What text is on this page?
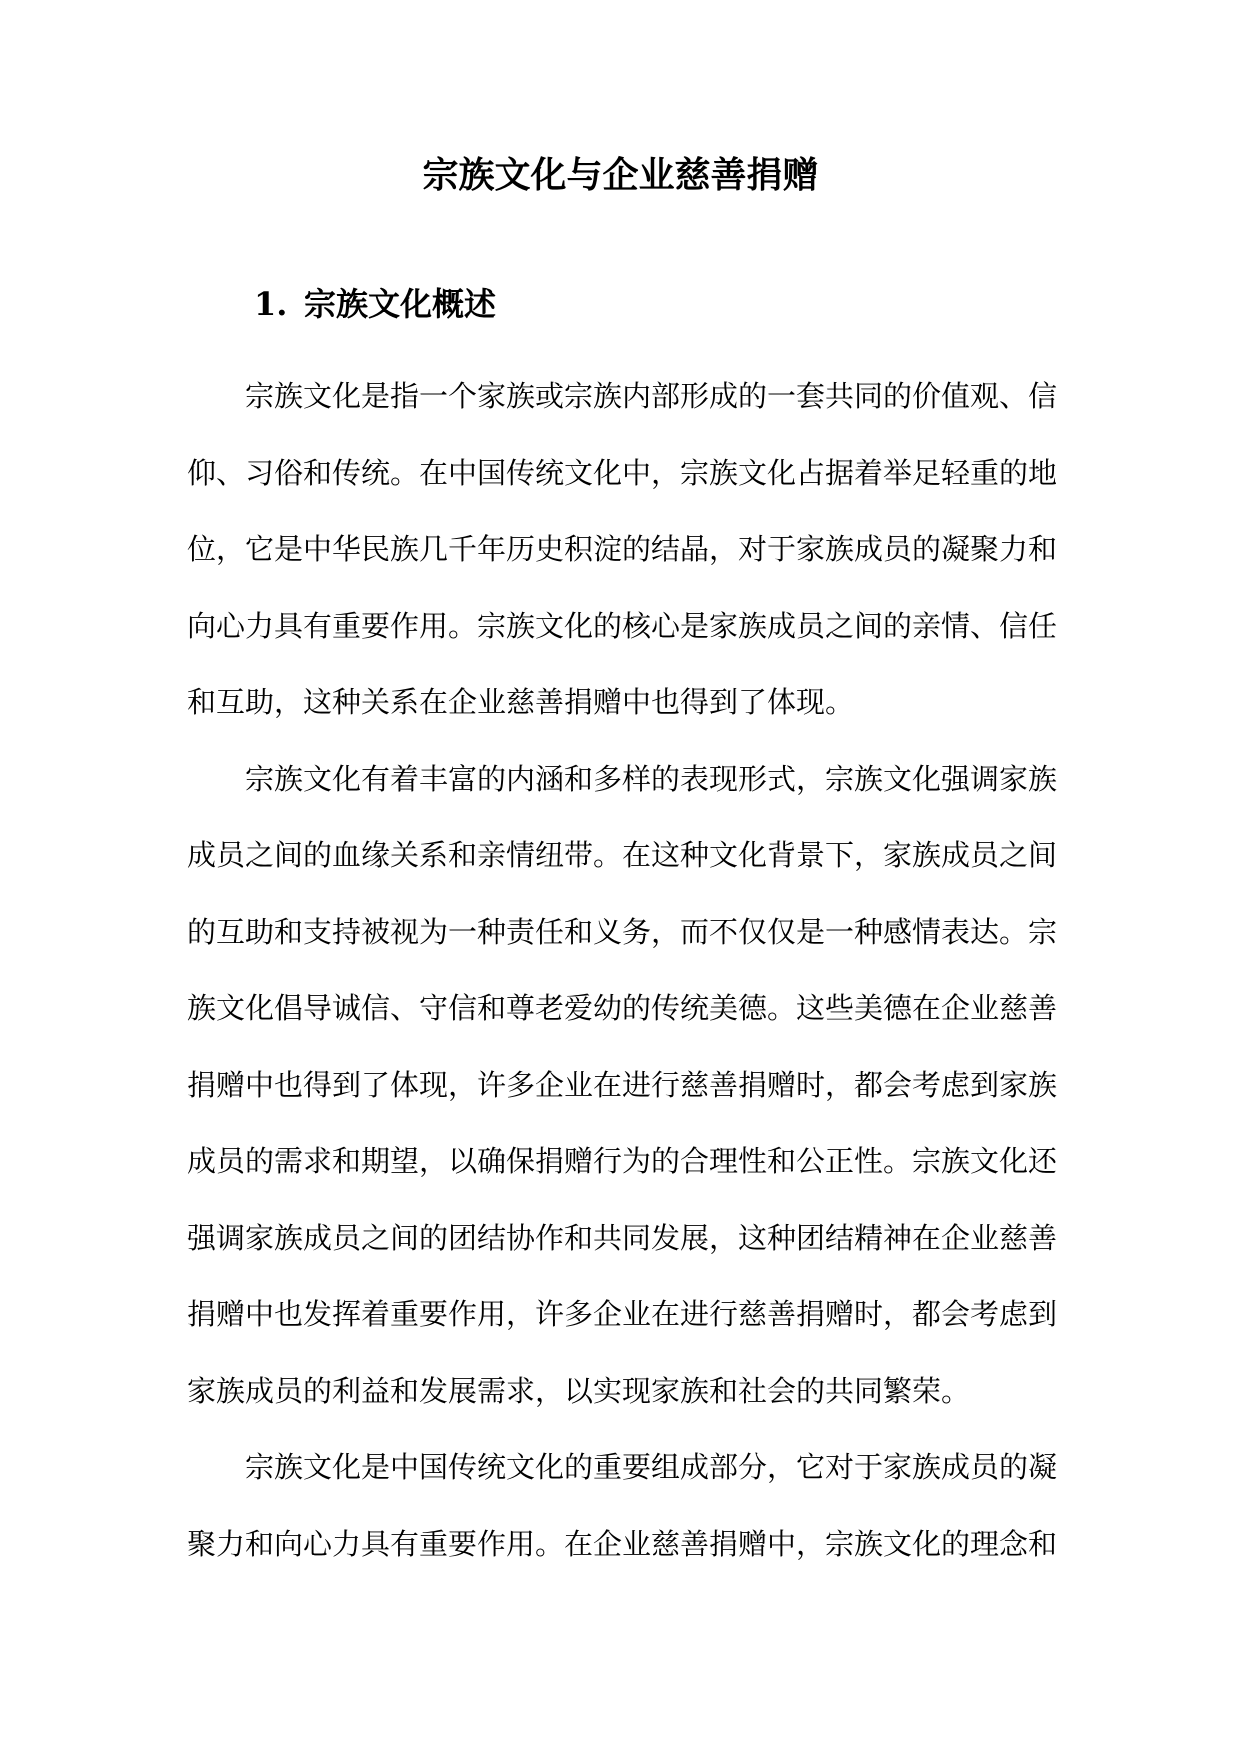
宗族文化与企业慈善捐赠
1. 宗族文化概述

宗族文化是指一个家族或宗族内部形成的一套共同的价值观、信仰、习俗和传统。在中国传统文化中，宗族文化占据着举足轻重的地位，它是中华民族几千年历史积淀的结晶，对于家族成员的凝聚力和向心力具有重要作用。宗族文化的核心是家族成员之间的亲情、信任和互助，这种关系在企业慈善捐赠中也得到了体现。

宗族文化有着丰富的内涵和多样的表现形式，宗族文化强调家族成员之间的血缘关系和亲情纽带。在这种文化背景下，家族成员之间的互助和支持被视为一种责任和义务，而不仅仅是一种感情表达。宗族文化倡导诚信、守信和尊老爱幼的传统美德。这些美德在企业慈善捐赠中也得到了体现，许多企业在进行慈善捐赠时，都会考虑到家族成员的需求和期望，以确保捐赠行为的合理性和公正性。宗族文化还强调家族成员之间的团结协作和共同发展，这种团结精神在企业慈善捐赠中也发挥着重要作用，许多企业在进行慈善捐赠时，都会考虑到家族成员的利益和发展需求，以实现家族和社会的共同繁荣。

宗族文化是中国传统文化的重要组成部分，它对于家族成员的凝聚力和向心力具有重要作用。在企业慈善捐赠中，宗族文化的理念和
